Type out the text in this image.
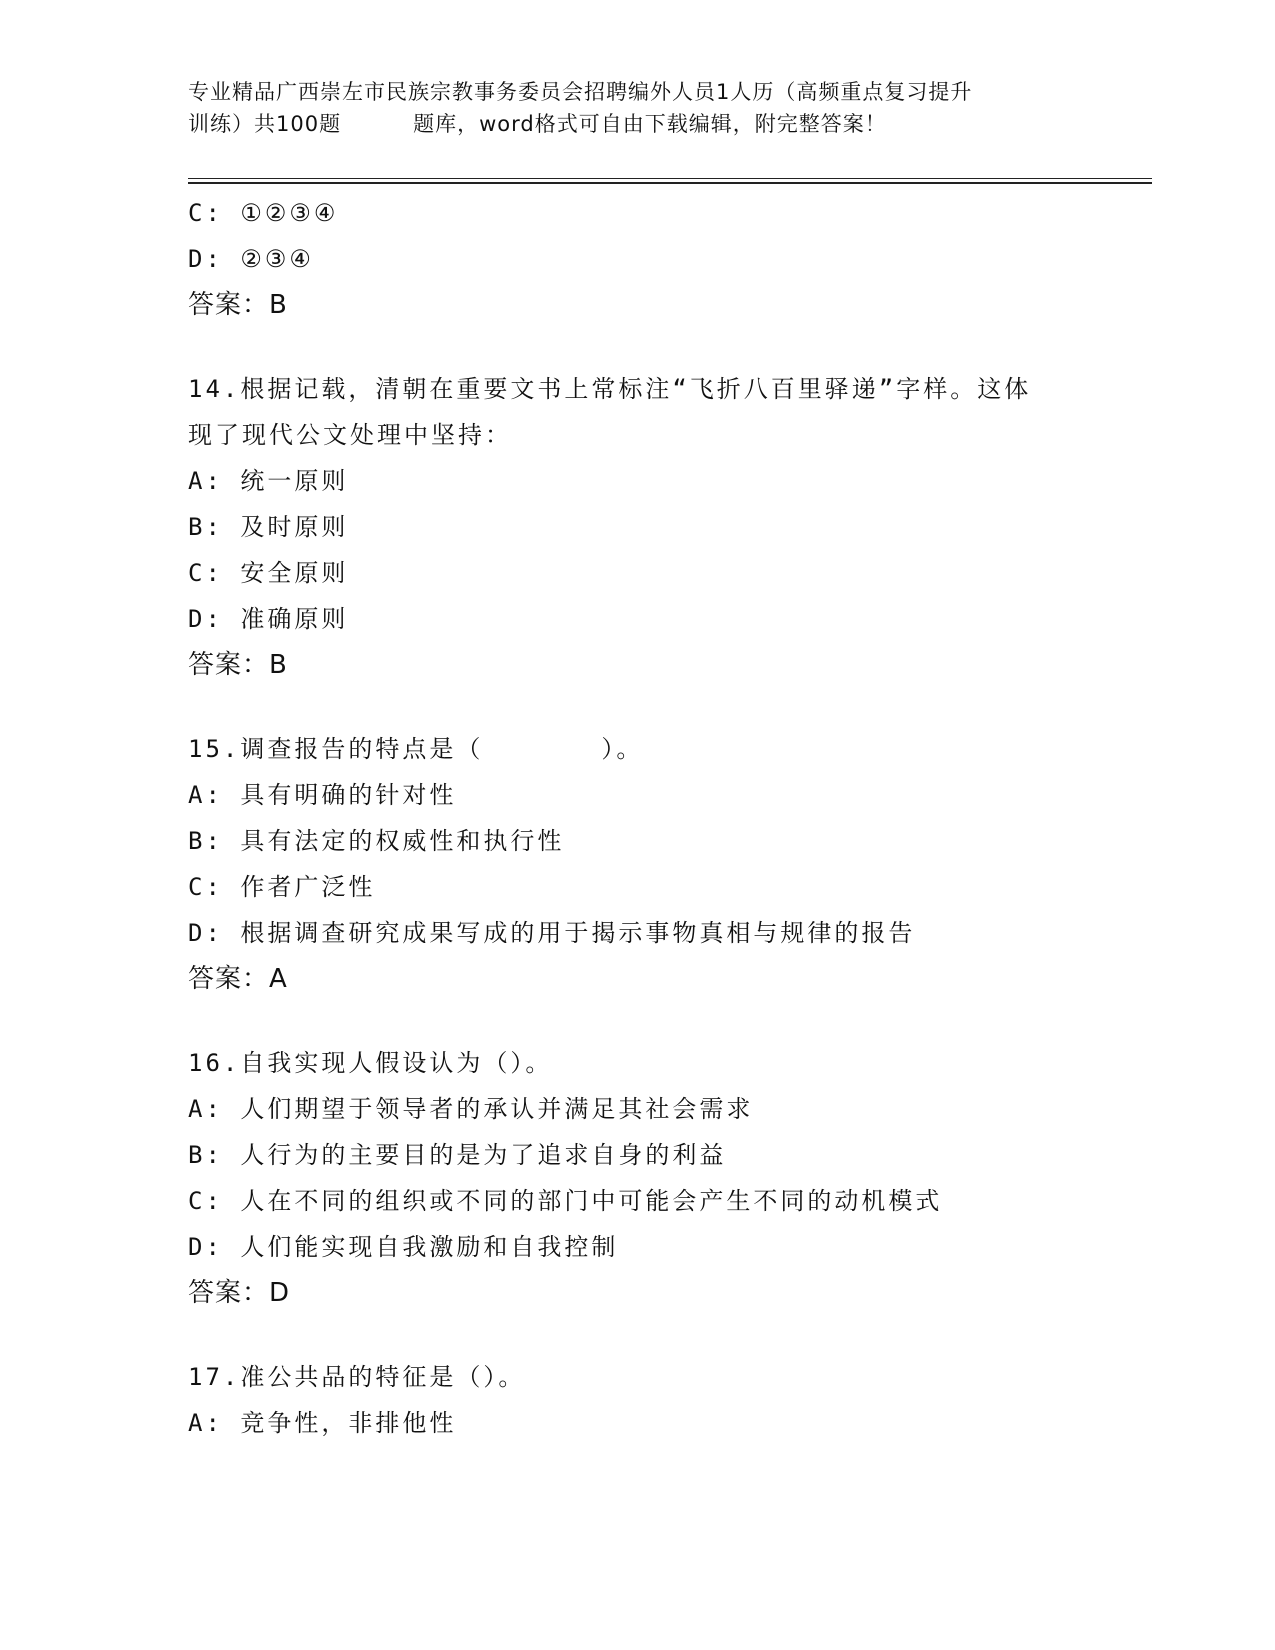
专业精品广西崇左市民族宗教事务委员会招聘编外人员1人历（高频重点复习提升
训练）共100题	题库，word格式可自由下载编辑，附完整答案！
C: ①②③④
D: ②③④
答案：B
14.根据记载，清朝在重要文书上常标注“飞折八百里驿递”字样。这体现了现代公文处理中坚持：
A: 统一原则
B: 及时原则
C: 安全原则
D: 准确原则
答案：B
15.调查报告的特点是（	）。
A: 具有明确的针对性
B: 具有法定的权威性和执行性
C: 作者广泛性
D: 根据调查研究成果写成的用于揭示事物真相与规律的报告
答案：A
16.自我实现人假设认为（）。
A: 人们期望于领导者的承认并满足其社会需求
B: 人行为的主要目的是为了追求自身的利益
C: 人在不同的组织或不同的部门中可能会产生不同的动机模式
D: 人们能实现自我激励和自我控制
答案：D
17.准公共品的特征是（）。
A: 竞争性，非排他性
